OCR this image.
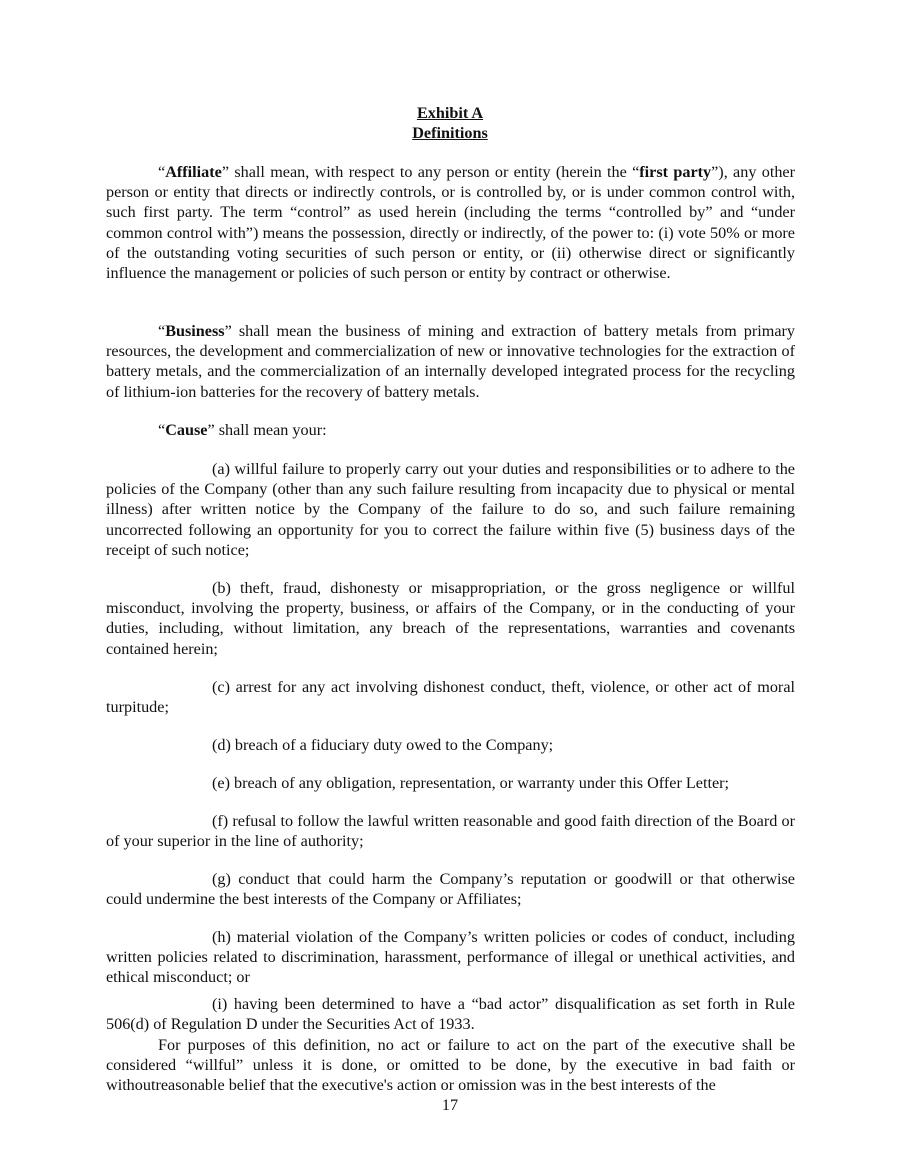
Exhibit A
Definitions

“Affiliate” shall mean, with respect to any person or entity (herein the “first party”), any other person or entity that directs or indirectly controls, or is controlled by, or is under common control with, such first party. The term “control” as used herein (including the terms “controlled by” and “under common control with”) means the possession, directly or indirectly, of the power to: (i) vote 50% or more of the outstanding voting securities of such person or entity, or (ii) otherwise direct or significantly influence the management or policies of such person or entity by contract or otherwise.

“Business” shall mean the business of mining and extraction of battery metals from primary resources, the development and commercialization of new or innovative technologies for the extraction of battery metals, and the commercialization of an internally developed integrated process for the recycling of lithium-ion batteries for the recovery of battery metals.

“Cause” shall mean your:

(a) willful failure to properly carry out your duties and responsibilities or to adhere to the policies of the Company (other than any such failure resulting from incapacity due to physical or mental illness) after written notice by the Company of the failure to do so, and such failure remaining uncorrected following an opportunity for you to correct the failure within five (5) business days of the receipt of such notice;

(b) theft, fraud, dishonesty or misappropriation, or the gross negligence or willful misconduct, involving the property, business, or affairs of the Company, or in the conducting of your duties, including, without limitation, any breach of the representations, warranties and covenants contained herein;

(c) arrest for any act involving dishonest conduct, theft, violence, or other act of moral turpitude;

(d) breach of a fiduciary duty owed to the Company;

(e) breach of any obligation, representation, or warranty under this Offer Letter;

(f) refusal to follow the lawful written reasonable and good faith direction of the Board or of your superior in the line of authority;

(g) conduct that could harm the Company’s reputation or goodwill or that otherwise could undermine the best interests of the Company or Affiliates;

(h) material violation of the Company’s written policies or codes of conduct, including written policies related to discrimination, harassment, performance of illegal or unethical activities, and ethical misconduct; or

(i) having been determined to have a “bad actor” disqualification as set forth in Rule 506(d) of Regulation D under the Securities Act of 1933.

For purposes of this definition, no act or failure to act on the part of the executive shall be considered “willful” unless it is done, or omitted to be done, by the executive in bad faith or withoutreasonable belief that the executive's action or omission was in the best interests of the

17
